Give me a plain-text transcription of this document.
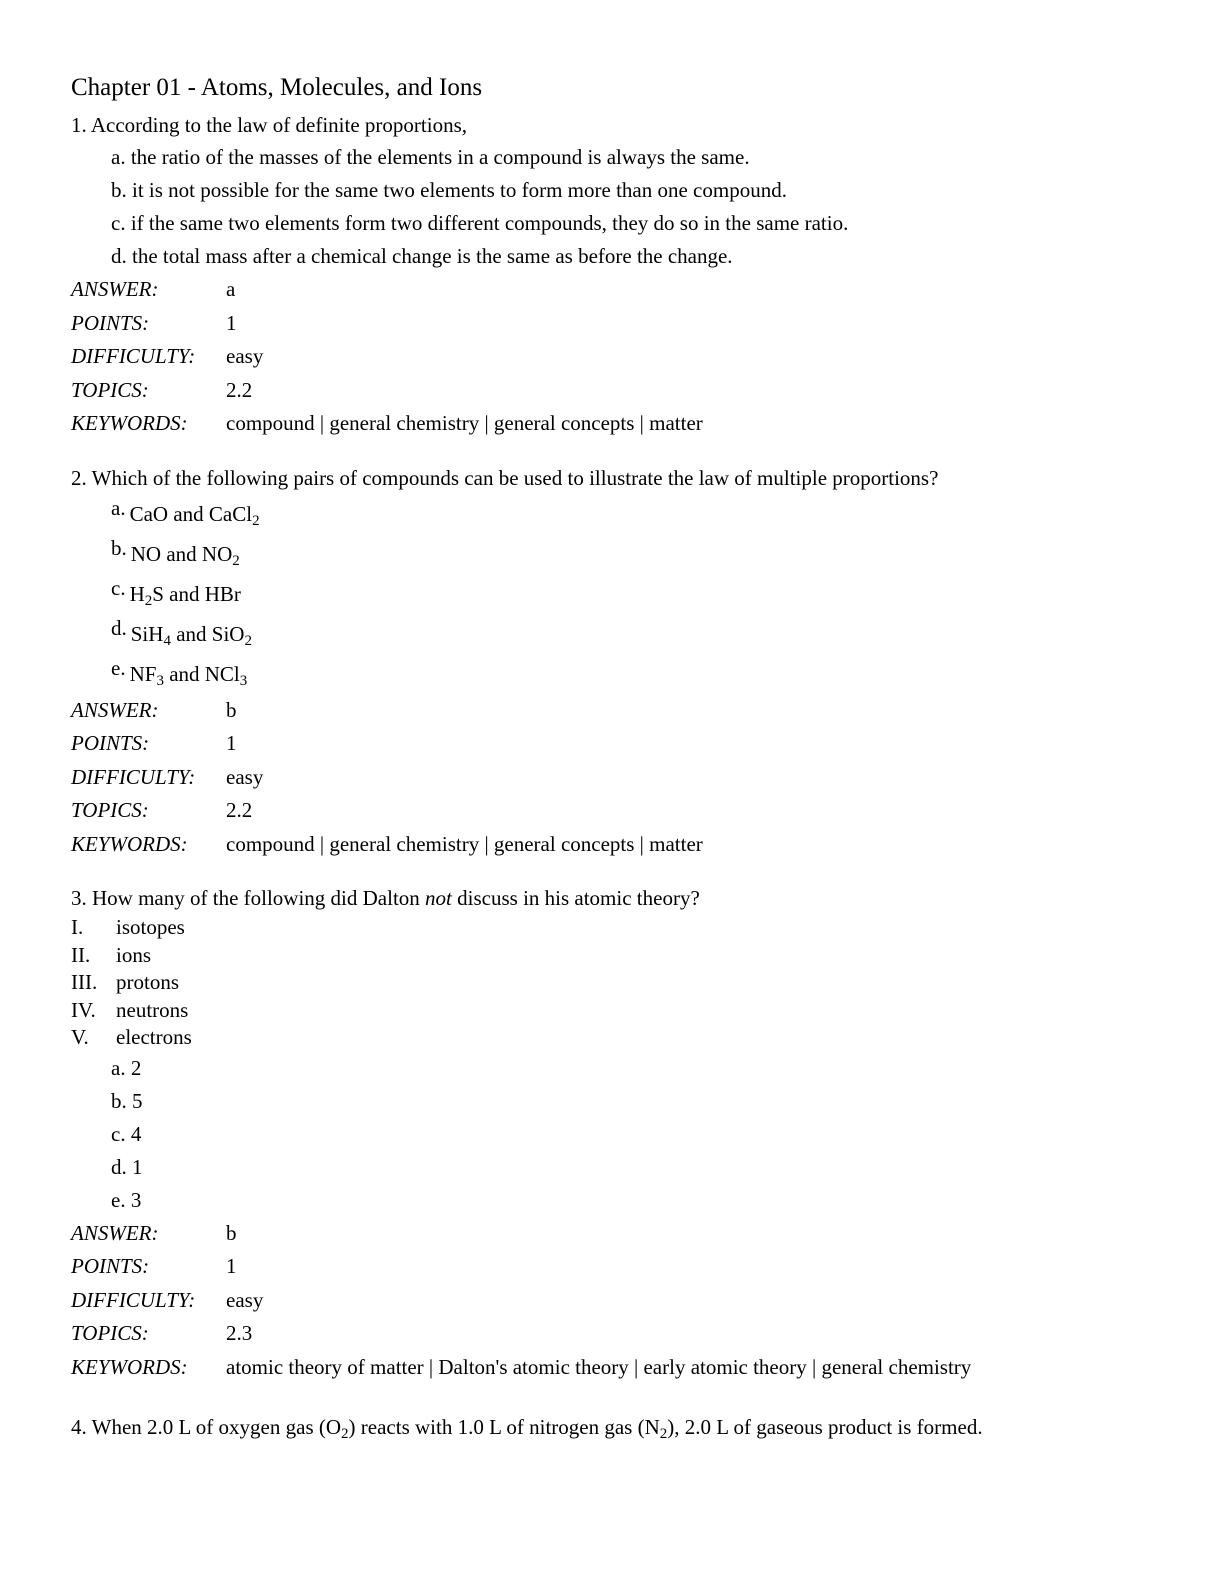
Chapter 01 - Atoms, Molecules, and Ions

1. According to the law of definite proportions,

a. the ratio of the masses of the elements in a compound is always the same.
b. it is not possible for the same two elements to form more than one compound.
c. if the same two elements form two different compounds, they do so in the same ratio.
d. the total mass after a chemical change is the same as before the change.
ANSWER:	a
POINTS:	1
DIFFICULTY: easy
TOPICS:	2.2
KEYWORDS: compound | general chemistry | general concepts | matter

2. Which of the following pairs of compounds can be used to illustrate the law of multiple proportions?

a. CaO and CaCl$_2$
b. NO and $NO_2$
c. $H_2S$ and HBr
d. SiH$_4$ and SiO$_2$
e. $NF_3$ and NCl$_3$
ANSWER:	b
POINTS:	1
DIFFICULTY: easy
TOPICS:	2.2
KEYWORDS: compound | general chemistry | general concepts | matter

3. How many of the following did Dalton not discuss in his atomic theory?

I. isotopes
II. ions
III. protons
IV. neutrons
V. electrons
a. 2
b. 5
c. 4
d. 1
e. 3
ANSWER:	b
POINTS:	1
DIFFICULTY: easy
TOPICS:	2.3
KEYWORDS: atomic theory of matter | Dalton's atomic theory | early atomic theory | general chemistry

4. When 2.0 L of oxygen gas $(O_2)$ reacts with 1.0 L of nitrogen gas $(N_2)$, 2.0 L of gaseous product is formed.
